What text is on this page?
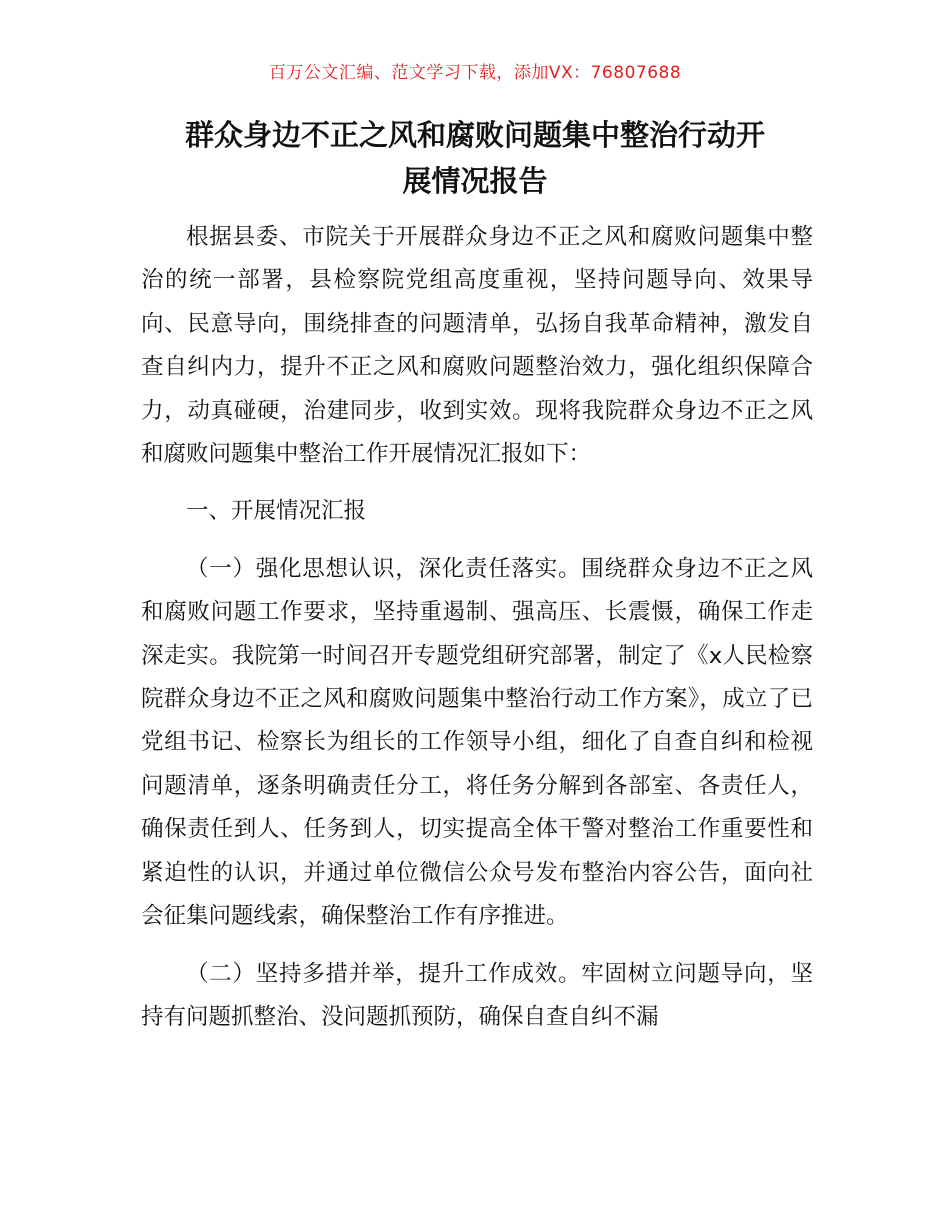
百万公文汇编、范文学习下载，添加VX：76807688
群众身边不正之风和腐败问题集中整治行动开
展情况报告

根据县委、市院关于开展群众身边不正之风和腐败问题集中整治的统一部署，县检察院党组高度重视，坚持问题导向、效果导向、民意导向，围绕排查的问题清单，弘扬自我革命精神，激发自查自纠内力，提升不正之风和腐败问题整治效力，强化组织保障合力，动真碰硬，治建同步，收到实效。现将我院群众身边不正之风和腐败问题集中整治工作开展情况汇报如下：

一、开展情况汇报

（一）强化思想认识，深化责任落实。围绕群众身边不正之风和腐败问题工作要求，坚持重遏制、强高压、长震慑，确保工作走深走实。我院第一时间召开专题党组研究部署，制定了《x人民检察院群众身边不正之风和腐败问题集中整治行动工作方案》，成立了已党组书记、检察长为组长的工作领导小组，细化了自查自纠和检视问题清单，逐条明确责任分工，将任务分解到各部室、各责任人，确保责任到人、任务到人，切实提高全体干警对整治工作重要性和紧迫性的认识，并通过单位微信公众号发布整治内容公告，面向社会征集问题线索，确保整治工作有序推进。

（二）坚持多措并举，提升工作成效。牢固树立问题导向，坚持有问题抓整治、没问题抓预防，确保自查自纠不漏
